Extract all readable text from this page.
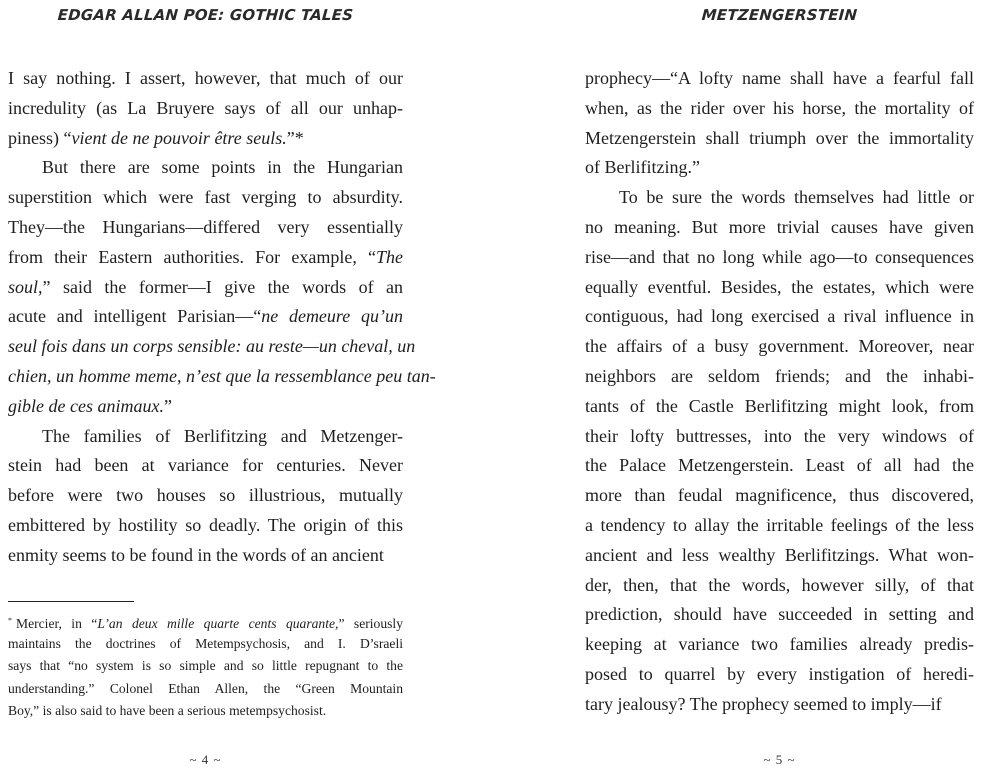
EDGAR ALLAN POE: GOTHIC TALES
I say nothing. I assert, however, that much of our
incredulity (as La Bruyere says of all our unhap-
piness) “vient de ne pouvoir être seuls.”*
But there are some points in the Hungarian
superstition which were fast verging to absurdity.
They—the Hungarians—differed very essentially
from their Eastern authorities. For example, “The
soul,” said the former—I give the words of an
acute and intelligent Parisian—“ne demeure qu’un
seul fois dans un corps sensible: au reste—un cheval, un
chien, un homme meme, n’est que la ressemblance peu tan-
gible de ces animaux.”
The families of Berlifitzing and Metzenger-
stein had been at variance for centuries. Never
before were two houses so illustrious, mutually
embittered by hostility so deadly. The origin of this
enmity seems to be found in the words of an ancient
* Mercier, in “L’an deux mille quarte cents quarante,” seriously
maintains the doctrines of Metempsychosis, and I. D’sraeli
says that “no system is so simple and so little repugnant to the
understanding.” Colonel Ethan Allen, the “Green Mountain
Boy,” is also said to have been a serious metempsychosist.
~ 4 ~
METZENGERSTEIN
prophecy—“A lofty name shall have a fearful fall
when, as the rider over his horse, the mortality of
Metzengerstein shall triumph over the immortality
of Berlifitzing.”
To be sure the words themselves had little or
no meaning. But more trivial causes have given
rise—and that no long while ago—to consequences
equally eventful. Besides, the estates, which were
contiguous, had long exercised a rival influence in
the affairs of a busy government. Moreover, near
neighbors are seldom friends; and the inhabi-
tants of the Castle Berlifitzing might look, from
their lofty buttresses, into the very windows of
the Palace Metzengerstein. Least of all had the
more than feudal magnificence, thus discovered,
a tendency to allay the irritable feelings of the less
ancient and less wealthy Berlifitzings. What won-
der, then, that the words, however silly, of that
prediction, should have succeeded in setting and
keeping at variance two families already predis-
posed to quarrel by every instigation of heredi-
tary jealousy? The prophecy seemed to imply—if
~ 5 ~
